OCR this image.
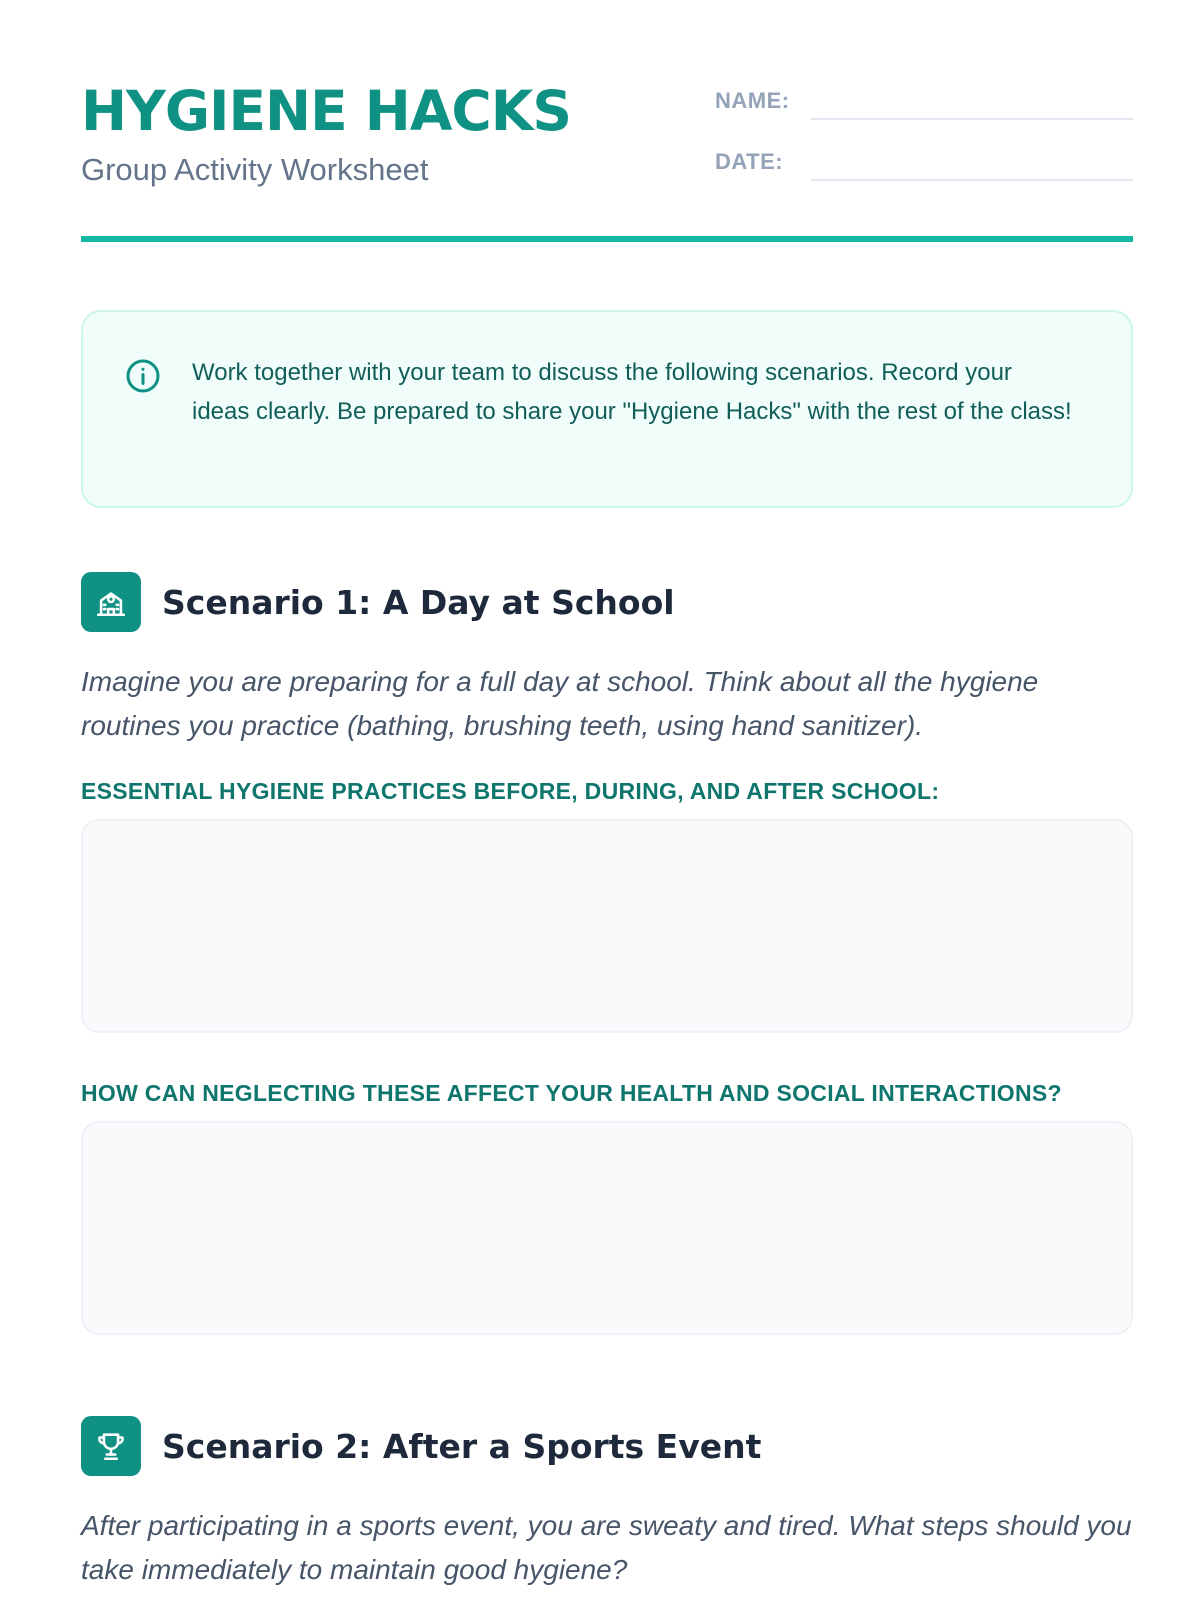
HYGIENE HACKS
Group Activity Worksheet
NAME:
DATE:

Work together with your team to discuss the following scenarios. Record your ideas clearly. Be prepared to share your "Hygiene Hacks" with the rest of the class!

Scenario 1: A Day at School

Imagine you are preparing for a full day at school. Think about all the hygiene routines you practice (bathing, brushing teeth, using hand sanitizer).

ESSENTIAL HYGIENE PRACTICES BEFORE, DURING, AND AFTER SCHOOL:
HOW CAN NEGLECTING THESE AFFECT YOUR HEALTH AND SOCIAL INTERACTIONS?
Scenario 2: After a Sports Event

After participating in a sports event, you are sweaty and tired. What steps should you take immediately to maintain good hygiene?
